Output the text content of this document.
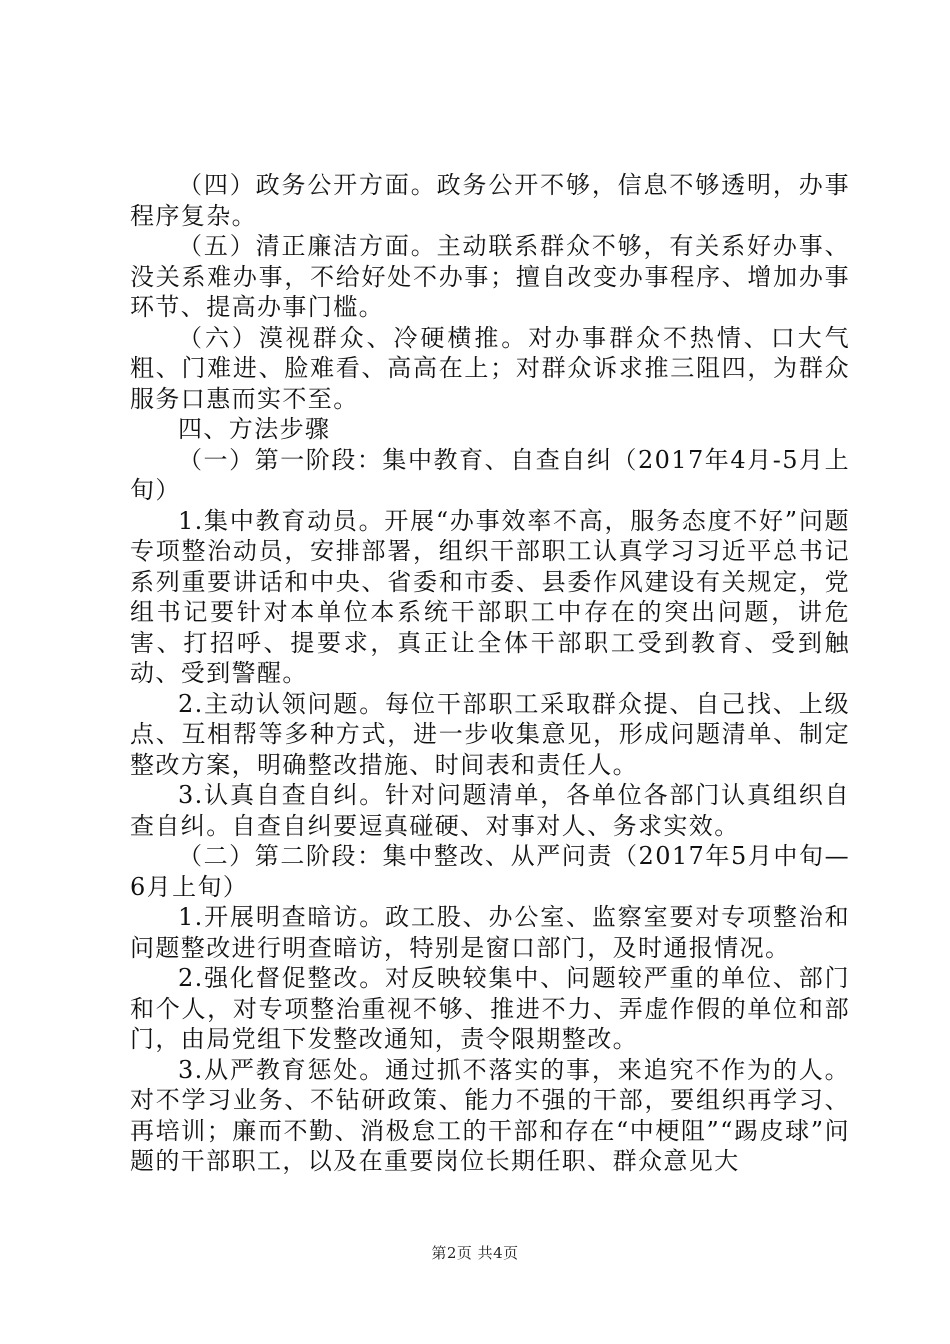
（四）政务公开方面。政务公开不够，信息不够透明，办事程序复杂。

（五）清正廉洁方面。主动联系群众不够，有关系好办事、没关系难办事，不给好处不办事；擅自改变办事程序、增加办事环节、提高办事门槛。

（六）漠视群众、冷硬横推。对办事群众不热情、口大气粗、门难进、脸难看、高高在上；对群众诉求推三阻四，为群众服务口惠而实不至。

四、方法步骤

（一）第一阶段：集中教育、自查自纠（2017年4月-5月上旬）

1.集中教育动员。开展“办事效率不高，服务态度不好”问题专项整治动员，安排部署，组织干部职工认真学习习近平总书记系列重要讲话和中央、省委和市委、县委作风建设有关规定，党组书记要针对本单位本系统干部职工中存在的突出问题，讲危害、打招呼、提要求，真正让全体干部职工受到教育、受到触动、受到警醒。

2.主动认领问题。每位干部职工采取群众提、自己找、上级点、互相帮等多种方式，进一步收集意见，形成问题清单、制定整改方案，明确整改措施、时间表和责任人。

3.认真自查自纠。针对问题清单，各单位各部门认真组织自查自纠。自查自纠要逗真碰硬、对事对人、务求实效。

（二）第二阶段：集中整改、从严问责（2017年5月中旬—6月上旬）

1.开展明查暗访。政工股、办公室、监察室要对专项整治和问题整改进行明查暗访，特别是窗口部门，及时通报情况。

2.强化督促整改。对反映较集中、问题较严重的单位、部门和个人，对专项整治重视不够、推进不力、弄虚作假的单位和部门，由局党组下发整改通知，责令限期整改。

3.从严教育惩处。通过抓不落实的事，来追究不作为的人。对不学习业务、不钻研政策、能力不强的干部，要组织再学习、再培训；廉而不勤、消极怠工的干部和存在“中梗阻”“踢皮球”问题的干部职工，以及在重要岗位长期任职、群众意见大

第2页 共4页
